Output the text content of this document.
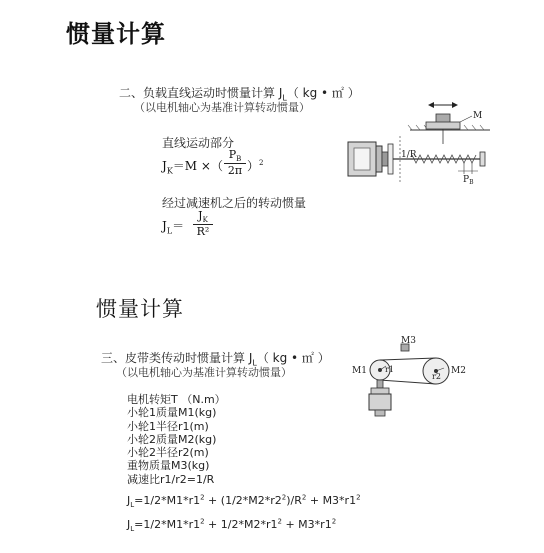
惯量计算
二、负载直线运动时惯量计算 $J_L$（ kg • ㎡ ）
（以电机轴心为基准计算转动惯量）
直线运动部分
$J_K=M$ ×（ $\frac{P_B}{2\pi} )^2$
经过减速机之后的转动惯量
$J_L= \frac{J_K}{\text{R²}}$
1/R
M
$P_B$
惯量计算
三、皮带类传动时惯量计算 $J_L$（ kg • ㎡ ）
（以电机轴心为基准计算转动惯量）
电机转矩T （N.m）
小轮1质量M1(kg)
小轮1半径r1(m)
小轮2质量M2(kg)
小轮2半径r2(m)
重物质量M3(kg)
减速比r1/r2=1/R
$J_L=1/2*M1*r1^2 + (1/2*M2*r2^2)/R^2 + M3*r1^2$
$J_L=1/2*M1*r1^2 + 1/2*M2*r1^2 + M3*r1^2$
M3
r1
r2
M1	M2
